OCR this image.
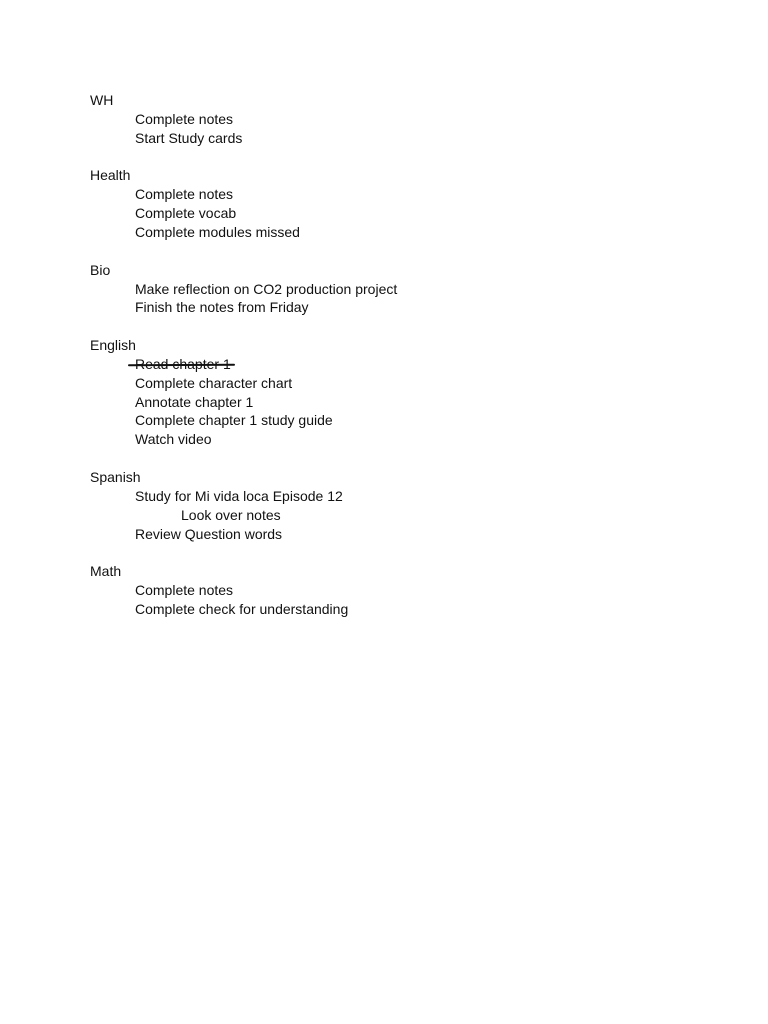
WH
Complete notes
Start Study cards
Health
Complete notes
Complete vocab
Complete modules missed
Bio
Make reflection on CO2 production project
Finish the notes from Friday
English
Complete character chart
Annotate chapter 1
Complete chapter 1 study guide
Watch video
Spanish
Study for Mi vida loca Episode 12
Look over notes
Review Question words
Math
Complete notes
Complete check for understanding
